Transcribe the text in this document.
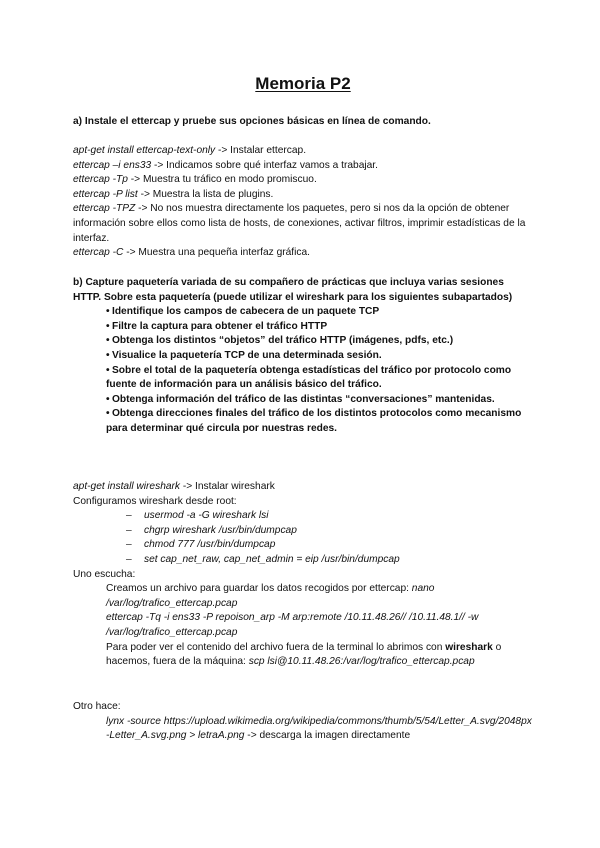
Memoria P2

a) Instale el ettercap y pruebe sus opciones básicas en línea de comando.

apt-get install ettercap-text-only -> Instalar ettercap.

ettercap –i ens33 -> Indicamos sobre qué interfaz vamos a trabajar.

ettercap -Tp -> Muestra tu tráfico en modo promiscuo.

ettercap -P list -> Muestra la lista de plugins.

ettercap -TPZ -> No nos muestra directamente los paquetes, pero si nos da la opción de obtener información sobre ellos como lista de hosts, de conexiones, activar filtros, imprimir estadísticas de la interfaz.

ettercap -C -> Muestra una pequeña interfaz gráfica.

b) Capture paquetería variada de su compañero de prácticas que incluya varias sesiones HTTP. Sobre esta paquetería (puede utilizar el wireshark para los siguientes subapartados)

• Identifique los campos de cabecera de un paquete TCP
• Filtre la captura para obtener el tráfico HTTP
• Obtenga los distintos “objetos” del tráfico HTTP (imágenes, pdfs, etc.)
• Visualice la paquetería TCP de una determinada sesión.
• Sobre el total de la paquetería obtenga estadísticas del tráfico por protocolo como fuente de información para un análisis básico del tráfico.
• Obtenga información del tráfico de las distintas “conversaciones” mantenidas.
• Obtenga direcciones finales del tráfico de los distintos protocolos como mecanismo para determinar qué circula por nuestras redes.

apt-get install wireshark -> Instalar wireshark

Configuramos wireshark desde root:

– usermod -a -G wireshark lsi
– chgrp wireshark /usr/bin/dumpcap
– chmod 777 /usr/bin/dumpcap
– set cap_net_raw, cap_net_admin = eip /usr/bin/dumpcap

Uno escucha:

Creamos un archivo para guardar los datos recogidos por ettercap: nano /var/log/trafico_ettercap.pcap

ettercap -Tq -i ens33 -P repoison_arp -M arp:remote /10.11.48.26// /10.11.48.1// -w /var/log/trafico_ettercap.pcap

Para poder ver el contenido del archivo fuera de la terminal lo abrimos con wireshark o hacemos, fuera de la máquina: scp lsi@10.11.48.26:/var/log/trafico_ettercap.pcap

Otro hace:

lynx -source https://upload.wikimedia.org/wikipedia/commons/thumb/5/54/Letter_A.svg/2048px-Letter_A.svg.png > letraA.png -> descarga la imagen directamente
